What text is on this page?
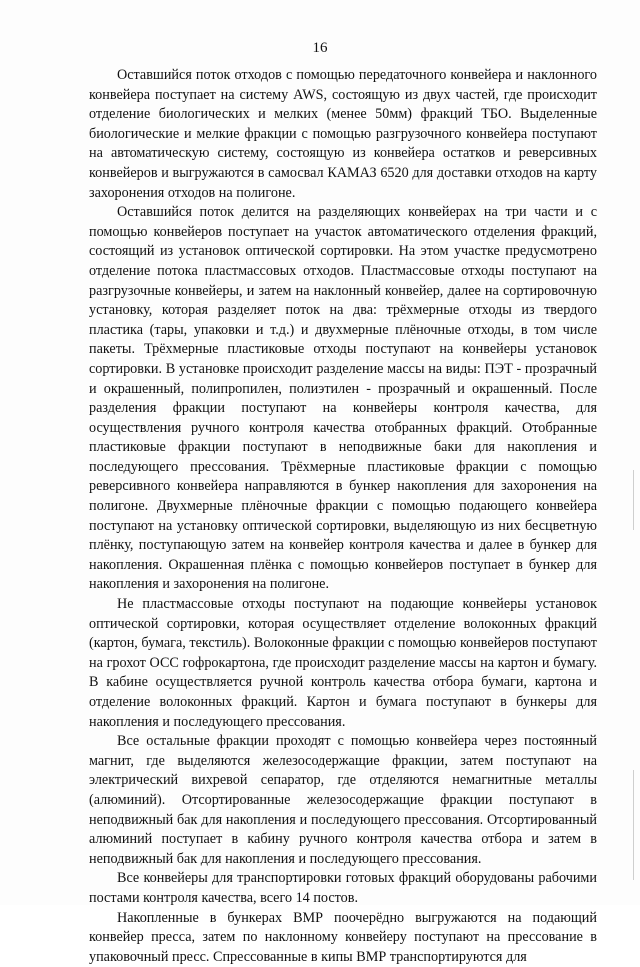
16

Оставшийся поток отходов с помощью передаточного конвейера и наклонного конвейера поступает на систему AWS, состоящую из двух частей, где происходит отделение биологических и мелких (менее 50мм) фракций ТБО. Выделенные биологические и мелкие фракции с помощью разгрузочного конвейера поступают на автоматическую систему, состоящую из конвейера остатков и реверсивных конвейеров и выгружаются в самосвал КАМАЗ 6520 для доставки отходов на карту захоронения отходов на полигоне.

Оставшийся поток делится на разделяющих конвейерах на три части и с помощью конвейеров поступает на участок автоматического отделения фракций, состоящий из установок оптической сортировки. На этом участке предусмотрено отделение потока пластмассовых отходов. Пластмассовые отходы поступают на разгрузочные конвейеры, и затем на наклонный конвейер, далее на сортировочную установку, которая разделяет поток на два: трёхмерные отходы из твердого пластика (тары, упаковки и т.д.) и двухмерные плёночные отходы, в том числе пакеты. Трёхмерные пластиковые отходы поступают на конвейеры установок сортировки. В установке происходит разделение массы на виды: ПЭТ - прозрачный и окрашенный, полипропилен, полиэтилен - прозрачный и окрашенный. После разделения фракции поступают на конвейеры контроля качества, для осуществления ручного контроля качества отобранных фракций. Отобранные пластиковые фракции поступают в неподвижные баки для накопления и последующего прессования. Трёхмерные пластиковые фракции с помощью реверсивного конвейера направляются в бункер накопления для захоронения на полигоне. Двухмерные плёночные фракции с помощью подающего конвейера поступают на установку оптической сортировки, выделяющую из них бесцветную плёнку, поступающую затем на конвейер контроля качества и далее в бункер для накопления. Окрашенная плёнка с помощью конвейеров поступает в бункер для накопления и захоронения на полигоне.

Не пластмассовые отходы поступают на подающие конвейеры установок оптической сортировки, которая осуществляет отделение волоконных фракций (картон, бумага, текстиль). Волоконные фракции с помощью конвейеров поступают на грохот ОСС гофрокартона, где происходит разделение массы на картон и бумагу. В кабине осуществляется ручной контроль качества отбора бумаги, картона и отделение волоконных фракций. Картон и бумага поступают в бункеры для накопления и последующего прессования.

Все остальные фракции проходят с помощью конвейера через постоянный магнит, где выделяются железосодержащие фракции, затем поступают на электрический вихревой сепаратор, где отделяются немагнитные металлы (алюминий). Отсортированные железосодержащие фракции поступают в неподвижный бак для накопления и последующего прессования. Отсортированный алюминий поступает в кабину ручного контроля качества отбора и затем в неподвижный бак для накопления и последующего прессования.

Все конвейеры для транспортировки готовых фракций оборудованы рабочими постами контроля качества, всего 14 постов.

Накопленные в бункерах ВМР поочерёдно выгружаются на подающий конвейер пресса, затем по наклонному конвейеру поступают на прессование в упаковочный пресс. Спрессованные в кипы ВМР транспортируются для
